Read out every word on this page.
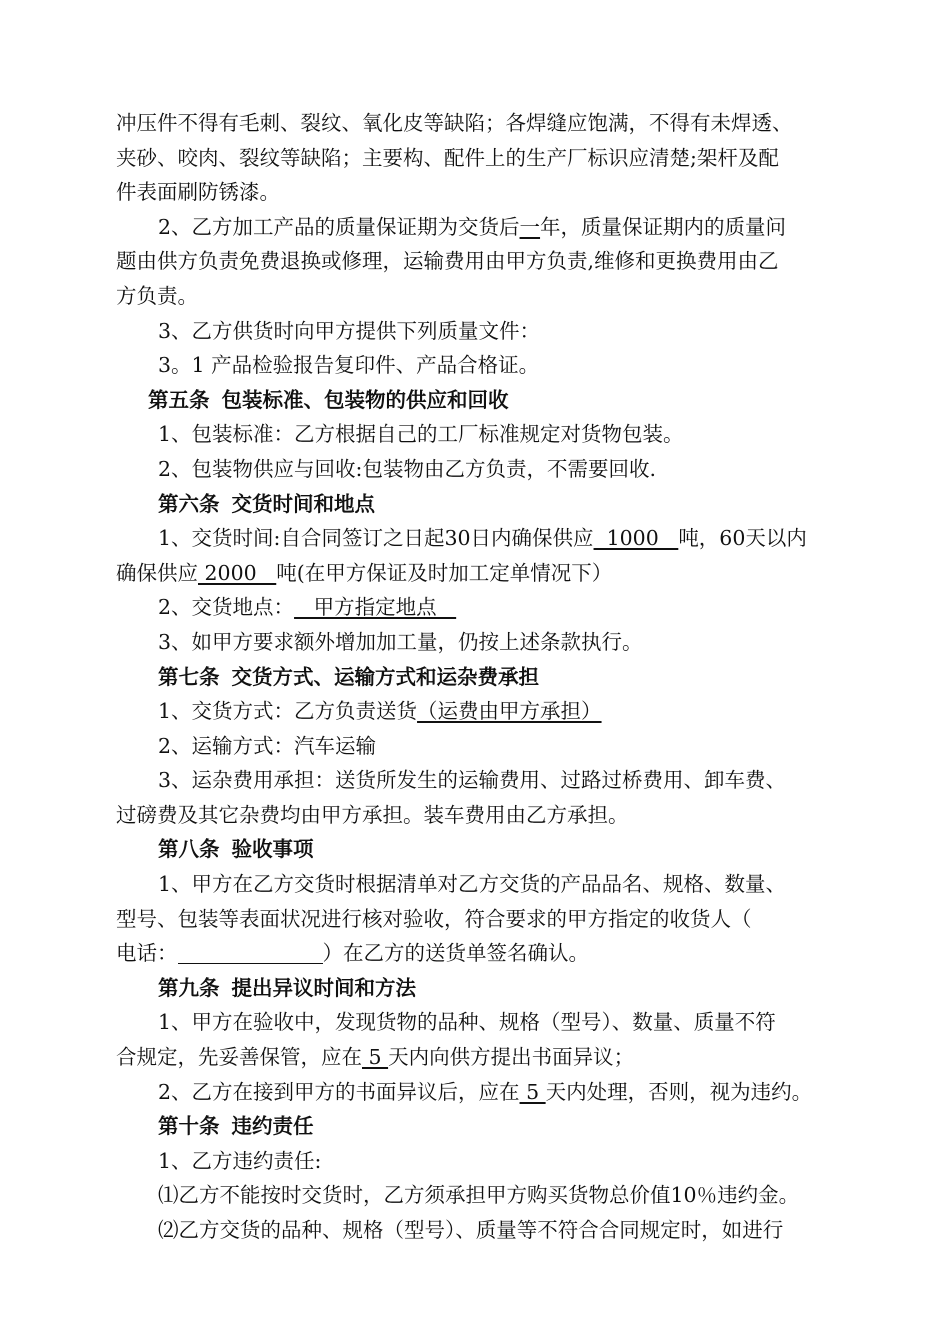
冲压件不得有毛刺、裂纹、氧化皮等缺陷；各焊缝应饱满，不得有未焊透、
夹砂、咬肉、裂纹等缺陷；主要构、配件上的生产厂标识应清楚;架杆及配
件表面刷防锈漆。
2、乙方加工产品的质量保证期为交货后一年，质量保证期内的质量问
题由供方负责免费退换或修理，运输费用由甲方负责,维修和更换费用由乙
方负责。
3、乙方供货时向甲方提供下列质量文件：
3。1 产品检验报告复印件、产品合格证。
第五条 包装标准、包装物的供应和回收
1、包装标准：乙方根据自己的工厂标准规定对货物包装。
2、包装物供应与回收:包装物由乙方负责，不需要回收.
第六条 交货时间和地点
1、交货时间:自合同签订之日起30日内确保供应  1000   吨，60天以内
确保供应 2000   吨(在甲方保证及时加工定单情况下）
2、交货地点：   甲方指定地点
3、如甲方要求额外增加加工量，仍按上述条款执行。
第七条 交货方式、运输方式和运杂费承担
1、交货方式：乙方负责送货（运费由甲方承担）
2、运输方式：汽车运输
3、运杂费用承担：送货所发生的运输费用、过路过桥费用、卸车费、
过磅费及其它杂费均由甲方承担。装车费用由乙方承担。
第八条 验收事项
1、甲方在乙方交货时根据清单对乙方交货的产品品名、规格、数量、
型号、包装等表面状况进行核对验收，符合要求的甲方指定的收货人（
电话：	）在乙方的送货单签名确认。
第九条 提出异议时间和方法
1、甲方在验收中，发现货物的品种、规格（型号）、数量、质量不符
合规定，先妥善保管，应在 5 天内向供方提出书面异议；
2、乙方在接到甲方的书面异议后，应在 5 天内处理，否则，视为违约。
第十条 违约责任
1、乙方违约责任:
⑴乙方不能按时交货时，乙方须承担甲方购买货物总价值10％违约金。
⑵乙方交货的品种、规格（型号）、质量等不符合合同规定时，如进行
